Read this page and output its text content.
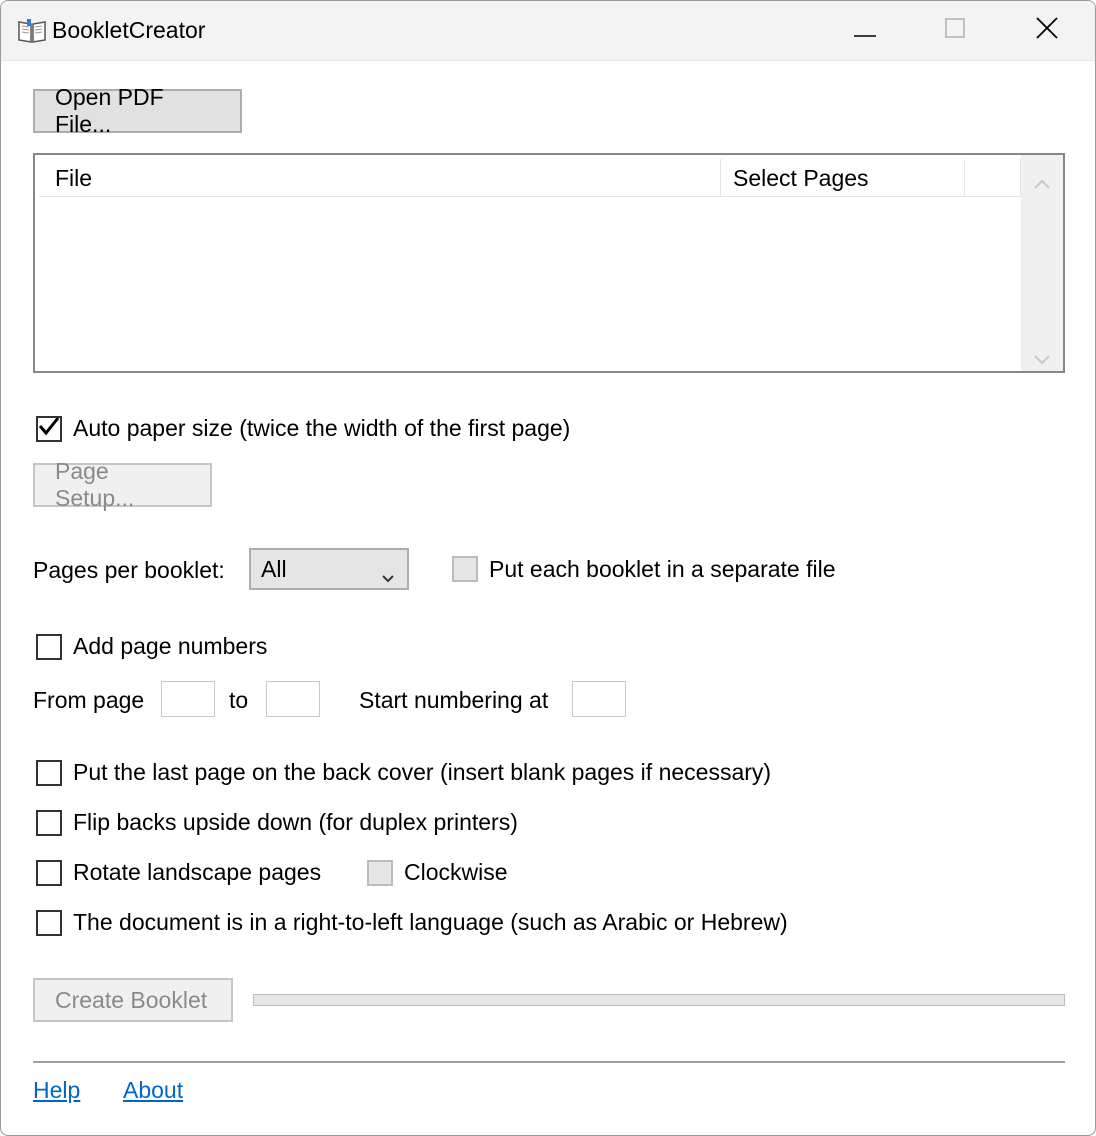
BookletCreator
Open PDF File...
File	Select Pages
Auto paper size (twice the width of the first page)
Page Setup...
Pages per booklet:	All	Put each booklet in a separate file
Add page numbers
From page	to	Start numbering at
Put the last page on the back cover (insert blank pages if necessary)
Flip backs upside down (for duplex printers)
Rotate landscape pages	Clockwise
The document is in a right-to-left language (such as Arabic or Hebrew)
Create Booklet
Help About
